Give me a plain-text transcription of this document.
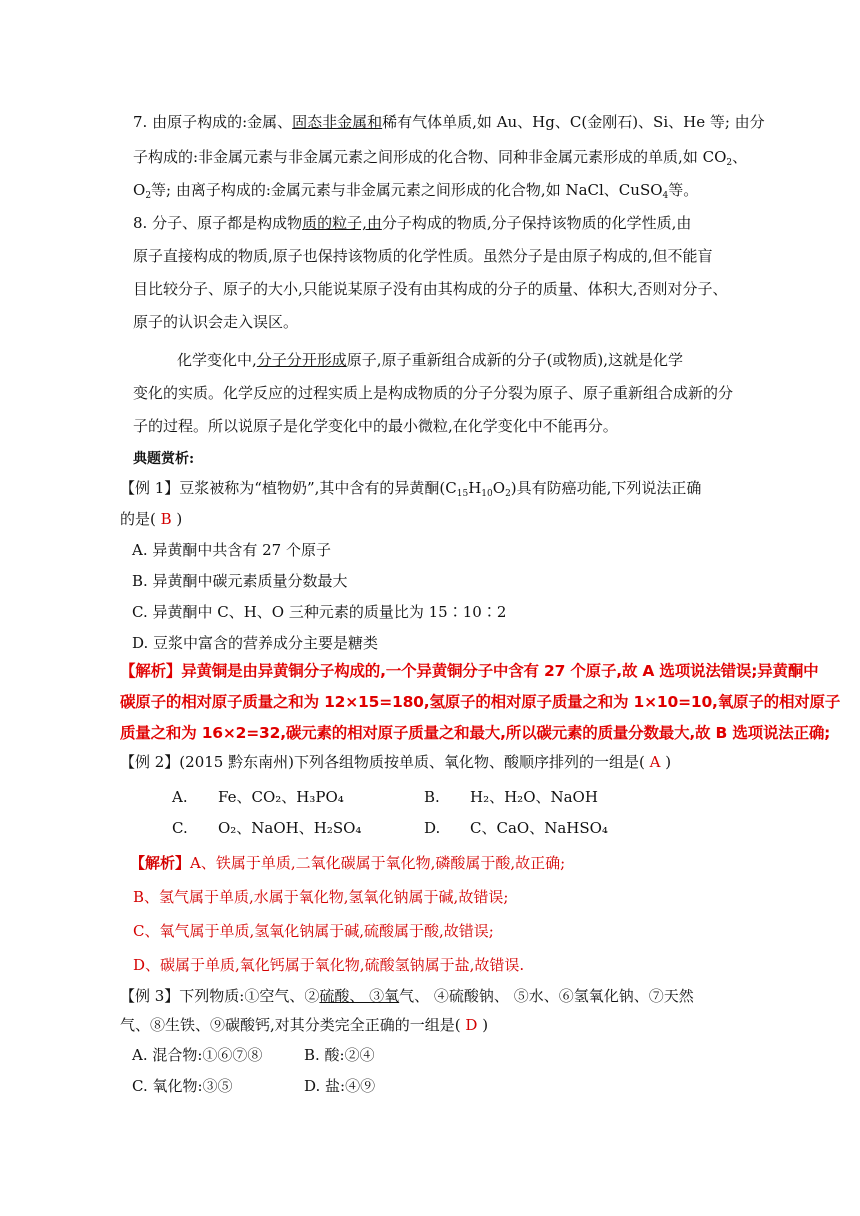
7. 由原子构成的:金属、固态非金属和稀有气体单质,如 Au、Hg、C(金刚石)、Si、He 等; 由分
子构成的:非金属元素与非金属元素之间形成的化合物、同种非金属元素形成的单质,如 $CO_2$、
$O_2$等; 由离子构成的:金属元素与非金属元素之间形成的化合物,如 NaCl、CuSO$_4$等。
8. 分子、原子都是构成物质的粒子,由分子构成的物质,分子保持该物质的化学性质,由
原子直接构成的物质,原子也保持该物质的化学性质。虽然分子是由原子构成的,但不能盲
目比较分子、原子的大小,只能说某原子没有由其构成的分子的质量、体积大,否则对分子、
原子的认识会走入误区。
化学变化中,分子分开形成原子,原子重新组合成新的分子(或物质),这就是化学
变化的实质。化学反应的过程实质上是构成物质的分子分裂为原子、原子重新组合成新的分
子的过程。所以说原子是化学变化中的最小微粒,在化学变化中不能再分。
典题赏析:
【例 1】豆浆被称为“植物奶”,其中含有的异黄酮$(C_{15}H_{10}O_2)$具有防癌功能,下列说法正确
的是( B )
A. 异黄酮中共含有 27 个原子
B. 异黄酮中碳元素质量分数最大
C. 异黄酮中 C、H、O 三种元素的质量比为 15∶10∶2
D. 豆浆中富含的营养成分主要是糖类
【解析】异黄铜是由异黄铜分子构成的,一个异黄铜分子中含有 27 个原子,故 A 选项说法错误;异黄酮中
碳原子的相对原子质量之和为 12×15=180,氢原子的相对原子质量之和为 1×10=10,氧原子的相对原子
质量之和为 16×2=32,碳元素的相对原子质量之和最大,所以碳元素的质量分数最大,故 B 选项说法正确;
【例 2】(2015 黔东南州)下列各组物质按单质、氧化物、酸顺序排列的一组是( A )
A. Fe、CO₂、H₃PO₄	B. H₂、H₂O、NaOH
C. O₂、NaOH、H₂SO₄	D. C、CaO、NaHSO₄
【解析】A、铁属于单质,二氧化碳属于氧化物,磷酸属于酸,故正确;
B、氢气属于单质,水属于氧化物,氢氧化钠属于碱,故错误;
C、氧气属于单质,氢氧化钠属于碱,硫酸属于酸,故错误;
D、碳属于单质,氧化钙属于氧化物,硫酸氢钠属于盐,故错误.
【例 3】下列物质:①空气、②硫酸、 ③氧气、 ④硫酸钠、 ⑤水、⑥氢氧化钠、⑦天然
气、⑧生铁、⑨碳酸钙,对其分类完全正确的一组是( D )
A. 混合物:①⑥⑦⑧	B. 酸:②④
C. 氧化物:③⑤	D. 盐:④⑨
